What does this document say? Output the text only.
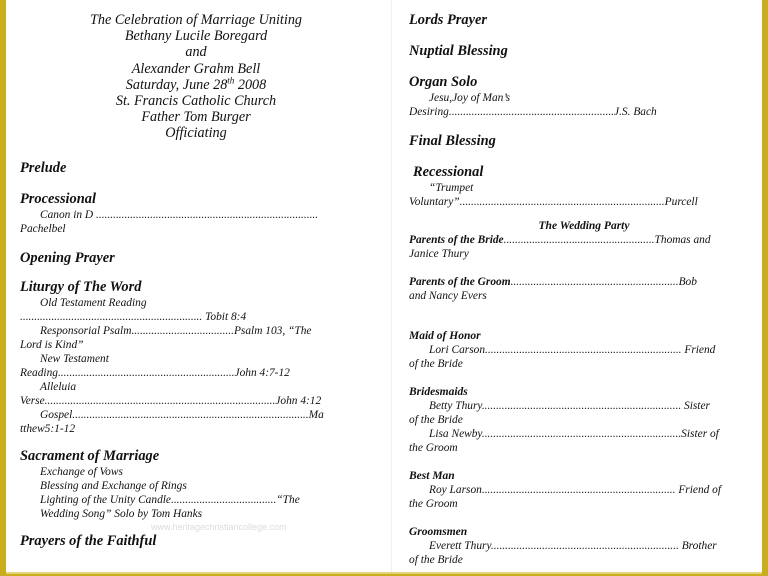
The Celebration of Marriage Uniting
Bethany Lucile Boregard
and
Alexander Grahm Bell
Saturday, June 28th 2008
St. Francis Catholic Church
Father Tom Burger
Officiating
Prelude
Processional
Canon in D ..............................................................................
Pachelbel
Opening Prayer
Liturgy of The Word
Old Testament Reading
................................................................ Tobit 8:4
Responsorial Psalm....................................Psalm 103, “The
Lord is Kind”
New Testament
Reading..............................................................John 4:7-12
Alleluia
Verse.................................................................................John 4:12
Gospel...................................................................................Ma
tthew5:1-12
Sacrament of Marriage
Exchange of Vows
Blessing and Exchange of Rings
Lighting of the Unity Candle.....................................“The
Wedding Song” Solo by Tom Hanks
Prayers of the Faithful
Lords Prayer
Nuptial Blessing
Organ Solo
Jesu,Joy of Man’s
Desiring..........................................................J.S. Bach
Final Blessing
Recessional
“Trumpet
Voluntary”........................................................................Purcell
The Wedding Party
Parents of the Bride.....................................................Thomas and
Janice Thury
Parents of the Groom...........................................................Bob
and Nancy Evers
Maid of Honor
Lori Carson..................................................................... Friend
of the Bride
Bridesmaids
Betty Thury...................................................................... Sister
of the Bride
Lisa Newby......................................................................Sister of
the Groom
Best Man
Roy Larson.................................................................... Friend of
the Groom
Groomsmen
Everett Thury.................................................................. Brother
of the Bride
www.heritagechristiancollege.com
